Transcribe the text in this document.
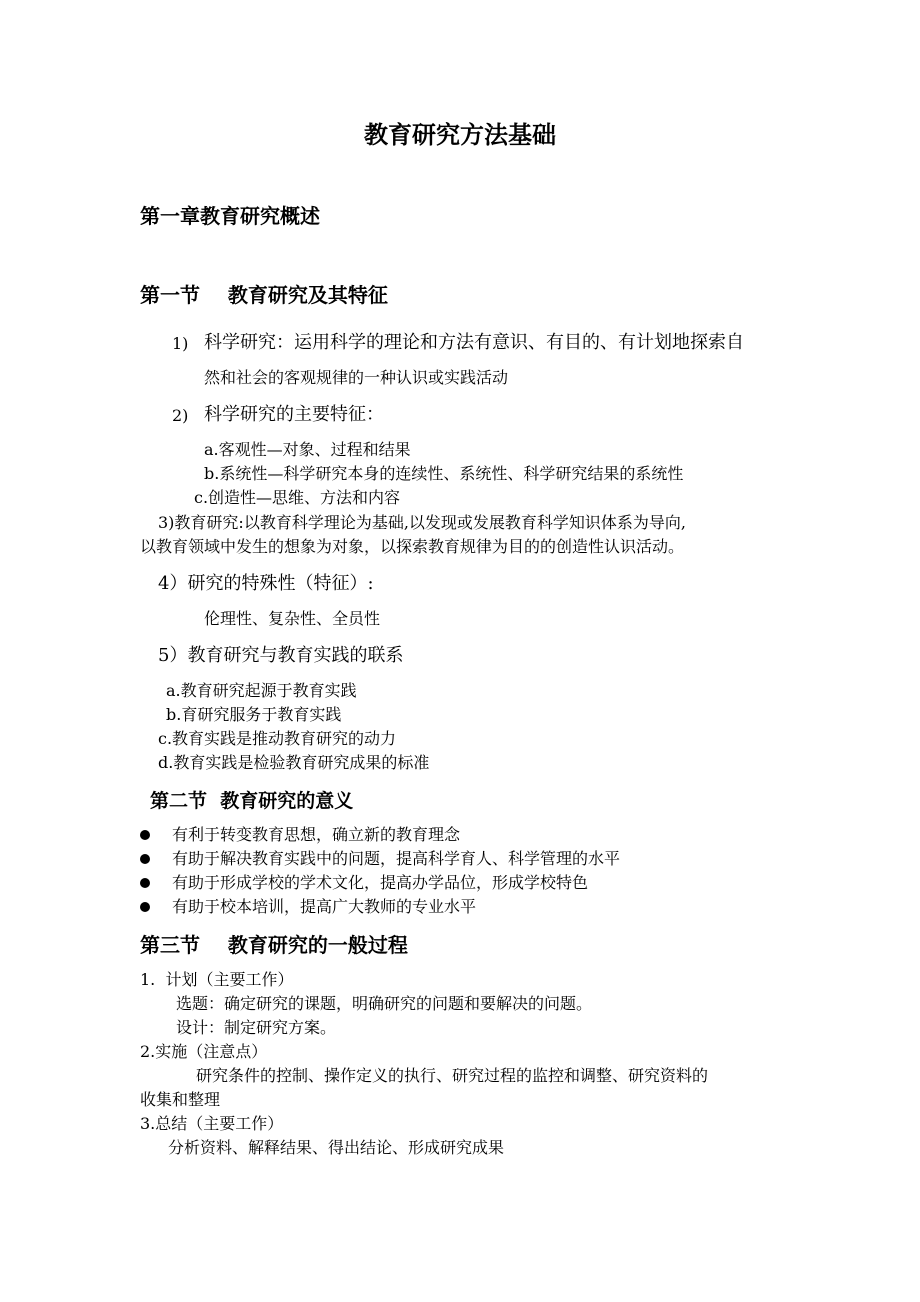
教育研究方法基础
第一章教育研究概述
第一节    教育研究及其特征
1) 科学研究：运用科学的理论和方法有意识、有目的、有计划地探索自
然和社会的客观规律的一种认识或实践活动
2) 科学研究的主要特征：
a.客观性—对象、过程和结果
b.系统性—科学研究本身的连续性、系统性、科学研究结果的系统性
c.创造性—思维、方法和内容
3)教育研究:以教育科学理论为基础,以发现或发展教育科学知识体系为导向,
以教育领域中发生的想象为对象，以探索教育规律为目的的创造性认识活动。
4）研究的特殊性（特征）:
伦理性、复杂性、全员性
5）教育研究与教育实践的联系
a.教育研究起源于教育实践
b.育研究服务于教育实践
c.教育实践是推动教育研究的动力
d.教育实践是检验教育研究成果的标准
第二节  教育研究的意义
有利于转变教育思想，确立新的教育理念
有助于解决教育实践中的问题，提高科学育人、科学管理的水平
有助于形成学校的学术文化，提高办学品位，形成学校特色
有助于校本培训，提高广大教师的专业水平
第三节    教育研究的一般过程
1.  计划（主要工作）
选题：确定研究的课题，明确研究的问题和要解决的问题。
设计：制定研究方案。
2.实施（注意点）
研究条件的控制、操作定义的执行、研究过程的监控和调整、研究资料的
收集和整理
3.总结（主要工作）
分析资料、解释结果、得出结论、形成研究成果
